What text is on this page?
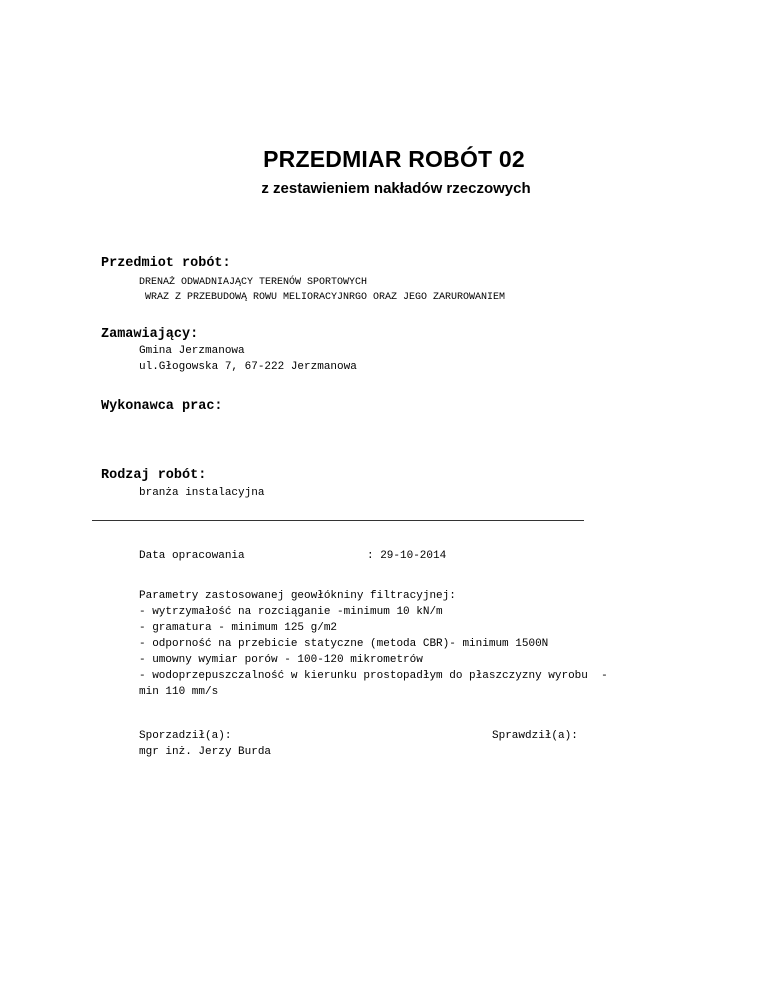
PRZEDMIAR ROBÓT 02
z zestawieniem nakładów rzeczowych
Przedmiot robót:
DRENAŻ ODWADNIAJĄCY TERENÓW SPORTOWYCH
WRAZ Z PRZEBUDOWĄ ROWU MELIORACYJNRGO ORAZ JEGO ZARUROWANIEM
Zamawiający:
Gmina Jerzmanowa
ul.Głogowska 7, 67-222 Jerzmanowa
Wykonawca prac:
Rodzaj robót:
branża instalacyjna
Data opracowania	: 29-10-2014
Parametry zastosowanej geowłókniny filtracyjnej:
- wytrzymałość na rozciąganie -minimum 10 kN/m
- gramatura - minimum 125 g/m2
- odporność na przebicie statyczne (metoda CBR)- minimum 1500N
- umowny wymiar porów - 100-120 mikrometrów
- wodoprzepuszczalność w kierunku prostopadłym do płaszczyzny wyrobu  -
min 110 mm/s
Sporzadził(a):
mgr inż. Jerzy Burda
Sprawdził(a):
